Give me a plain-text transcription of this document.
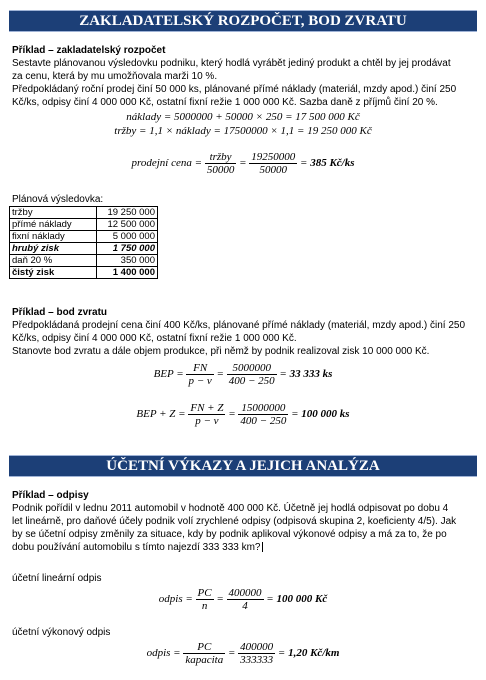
ZAKLADATELSKÝ ROZPOČET, BOD ZVRATU

Příklad – zakladatelský rozpočet

Sestavte plánovanou výsledovku podniku, který hodlá vyrábět jediný produkt a chtěl by jej prodávat

za cenu, která by mu umožňovala marži 10 %.

Předpokládaný roční prodej činí 50 000 ks, plánované přímé náklady (materiál, mzdy apod.) činí 250

Kč/ks, odpisy činí 4 000 000 Kč, ostatní fixní režie 1 000 000 Kč. Sazba daně z příjmů činí 20 %.

náklady = 5000000 + 50000 × 250 = 17 500 000 Kč
tržby = 1,1 × náklady = 17500000 × 1,1 = 19 250 000 Kč
prodejní cena = $\frac{\text{tržby}}{50000} = \frac{19250000}{50000} = 385$ Kč/ks
Plánová výsledovka:
tržby	19 250 000
přímé náklady	12 500 000
fixní náklady	5 000 000
hrubý zisk	1 750 000
daň 20 %	350 000
čistý zisk	1 400 000

Příklad – bod zvratu

Předpokládaná prodejní cena činí 400 Kč/ks, plánované přímé náklady (materiál, mzdy apod.) činí 250

Kč/ks, odpisy činí 4 000 000 Kč, ostatní fixní režie 1 000 000 Kč.

Stanovte bod zvratu a dále objem produkce, při němž by podnik realizoval zisk 10 000 000 Kč.

BEP = $\frac{FN}{p - v} = \frac{5000000}{400 - 250} = 33$ 333 ks
BEP + $Z = \frac{FN + Z}{p - v} = \frac{15000000}{400 - 250} = 100$ 000 ks
ÚČETNÍ VÝKAZY A JEJICH ANALÝZA

Příklad – odpisy

Podnik pořídil v lednu 2011 automobil v hodnotě 400 000 Kč. Účetně jej hodlá odpisovat po dobu 4

let lineárně, pro daňové účely podnik volí zrychlené odpisy (odpisová skupina 2, koeficienty 4/5). Jak

by se účetní odpisy změnily za situace, kdy by podnik aplikoval výkonové odpisy a má za to, že po

dobu používání automobilu s tímto najezdí 333 333 km?

účetní lineární odpis
odpis = $\frac{PC}{n} = \frac{400000}{4} = 100$ 000 Kč
účetní výkonový odpis
odpis = $\frac{PC}{\text{kapacita}} = \frac{400000}{333333} = 1,20$ Kč/km
